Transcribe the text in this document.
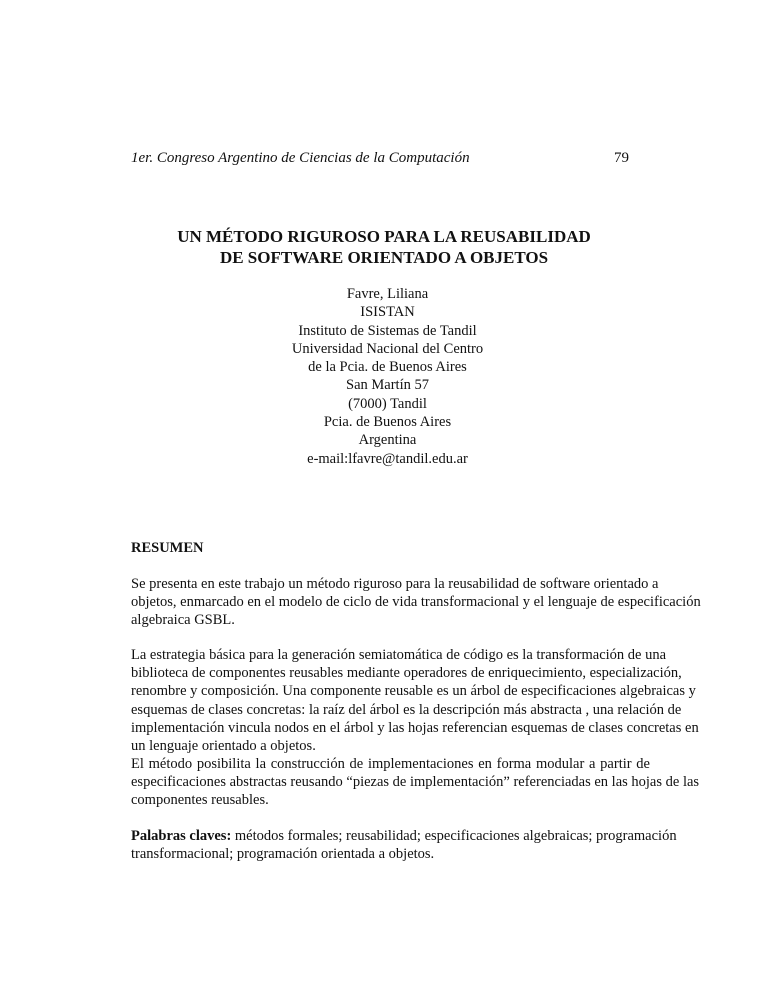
1er. Congreso Argentino de Ciencias de la Computación	79
UN MÉTODO RIGUROSO PARA LA REUSABILIDAD
DE SOFTWARE ORIENTADO A OBJETOS
Favre, Liliana
ISISTAN
Instituto de Sistemas de Tandil
Universidad Nacional del Centro
de la Pcia. de Buenos Aires
San Martín 57
(7000) Tandil
Pcia. de Buenos Aires
Argentina
e-mail:lfavre@tandil.edu.ar
RESUMEN
Se presenta en este trabajo un método riguroso para la reusabilidad de software orientado a
objetos, enmarcado en el modelo de ciclo de vida transformacional y el lenguaje de especificación
algebraica GSBL.
La estrategia básica para la generación semiatomática de código es la transformación de una
biblioteca de componentes reusables mediante operadores de enriquecimiento, especialización,
renombre y composición. Una componente reusable es un árbol de especificaciones algebraicas y
esquemas de clases concretas: la raíz del árbol es la descripción más abstracta , una relación de
implementación vincula nodos en el árbol y las hojas referencian esquemas de clases concretas en
un lenguaje orientado a objetos.
El método posibilita la construcción de implementaciones en forma modular a partir de
especificaciones abstractas reusando “piezas de implementación” referenciadas en las hojas de las
componentes reusables.
Palabras claves: métodos formales; reusabilidad; especificaciones algebraicas; programación
transformacional; programación orientada a objetos.
